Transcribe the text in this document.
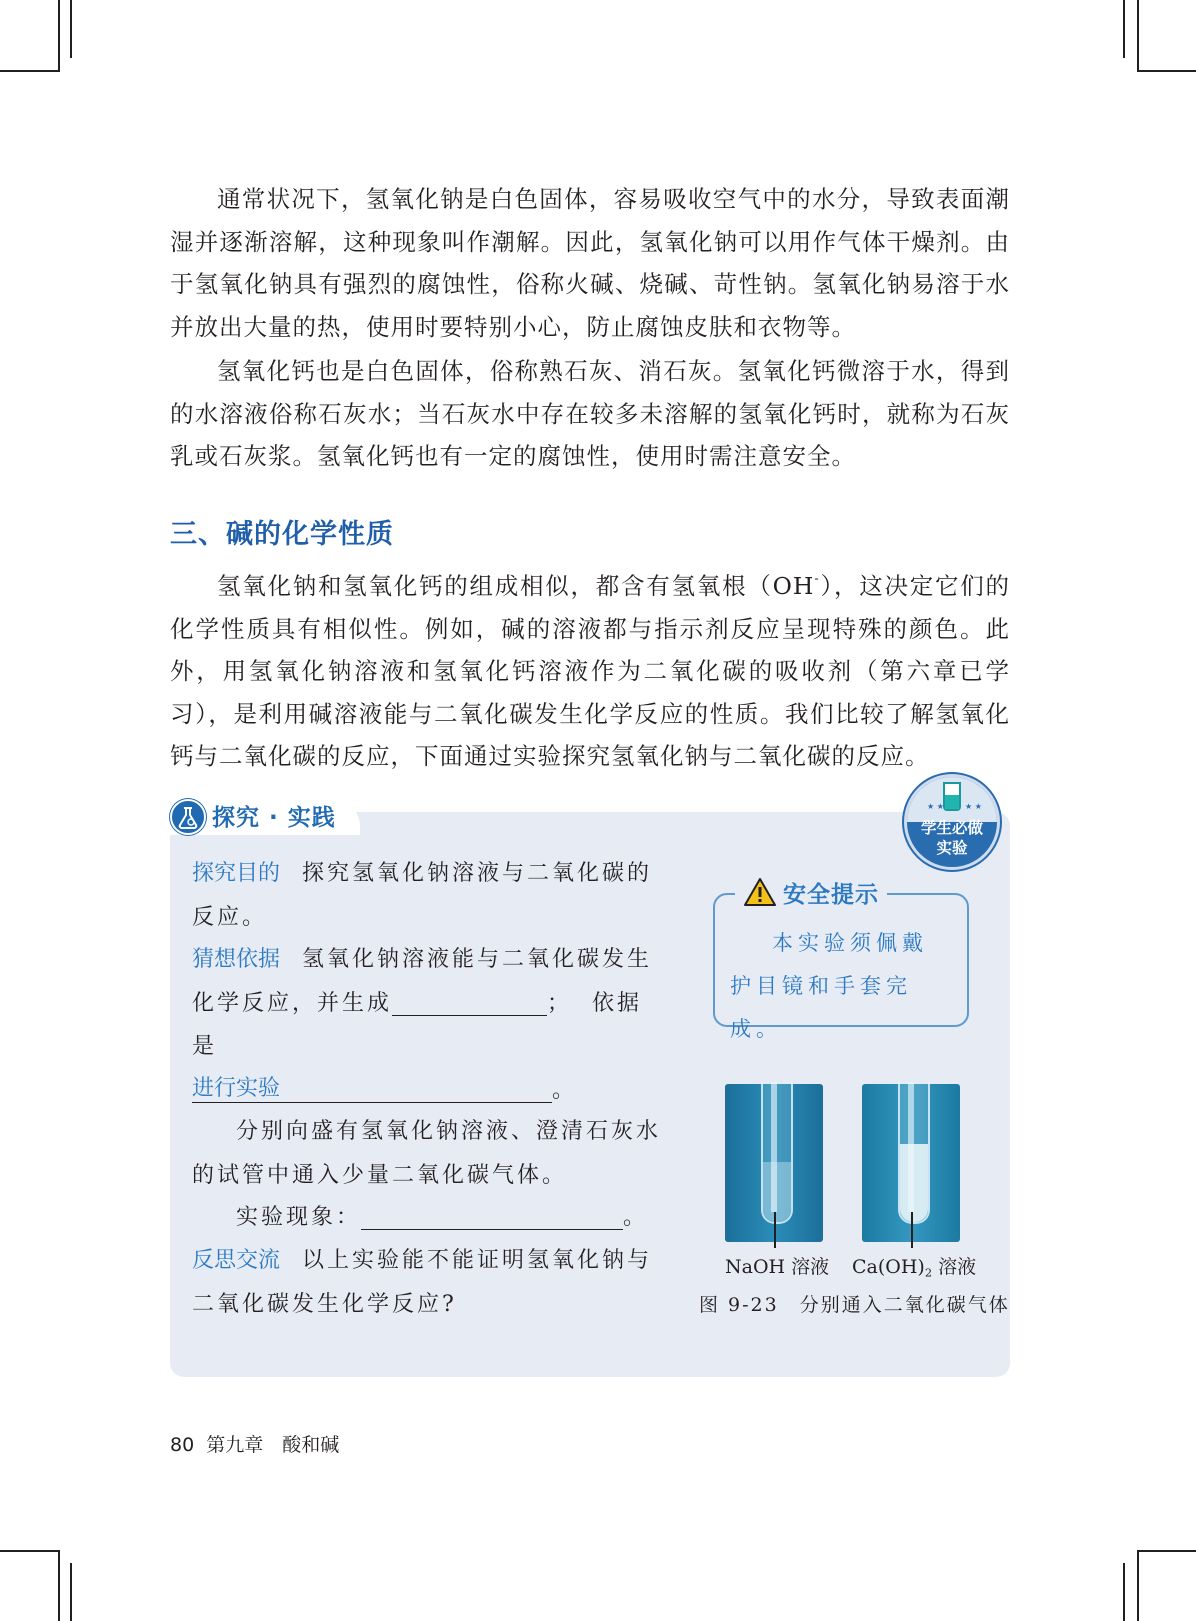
通常状况下，氢氧化钠是白色固体，容易吸收空气中的水分，导致表面潮湿并逐渐溶解，这种现象叫作潮解。因此，氢氧化钠可以用作气体干燥剂。由于氢氧化钠具有强烈的腐蚀性，俗称火碱、烧碱、苛性钠。氢氧化钠易溶于水并放出大量的热，使用时要特别小心，防止腐蚀皮肤和衣物等。

氢氧化钙也是白色固体，俗称熟石灰、消石灰。氢氧化钙微溶于水，得到的水溶液俗称石灰水；当石灰水中存在较多未溶解的氢氧化钙时，就称为石灰乳或石灰浆。氢氧化钙也有一定的腐蚀性，使用时需注意安全。

三、碱的化学性质

氢氧化钠和氢氧化钙的组成相似，都含有氢氧根（OH-），这决定它们的化学性质具有相似性。例如，碱的溶液都与指示剂反应呈现特殊的颜色。此外，用氢氧化钠溶液和氢氧化钙溶液作为二氧化碳的吸收剂（第六章已学习），是利用碱溶液能与二氧化碳发生化学反应的性质。我们比较了解氢氧化钙与二氧化碳的反应，下面通过实验探究氢氧化钠与二氧化碳的反应。

探究 · 实践	★ ★	★ ★
学生必做
实验

探究目的 探究氢氧化钠溶液与二氧化碳的反应。

猜想依据 氢氧化钠溶液能与二氧化碳发生化学反应，并生成	； 依据是
。

进行实验

分别向盛有氢氧化钠溶液、澄清石灰水的试管中通入少量二氧化碳气体。

实验现象：	。

反思交流 以上实验能不能证明氢氧化钠与二氧化碳发生化学反应?

安全提示

本实验须佩戴护目镜和手套完成。

NaOH 溶液 $Ca(OH)_2$ 溶液
图 9-23　分别通入二氧化碳气体
80 第九章　酸和碱
